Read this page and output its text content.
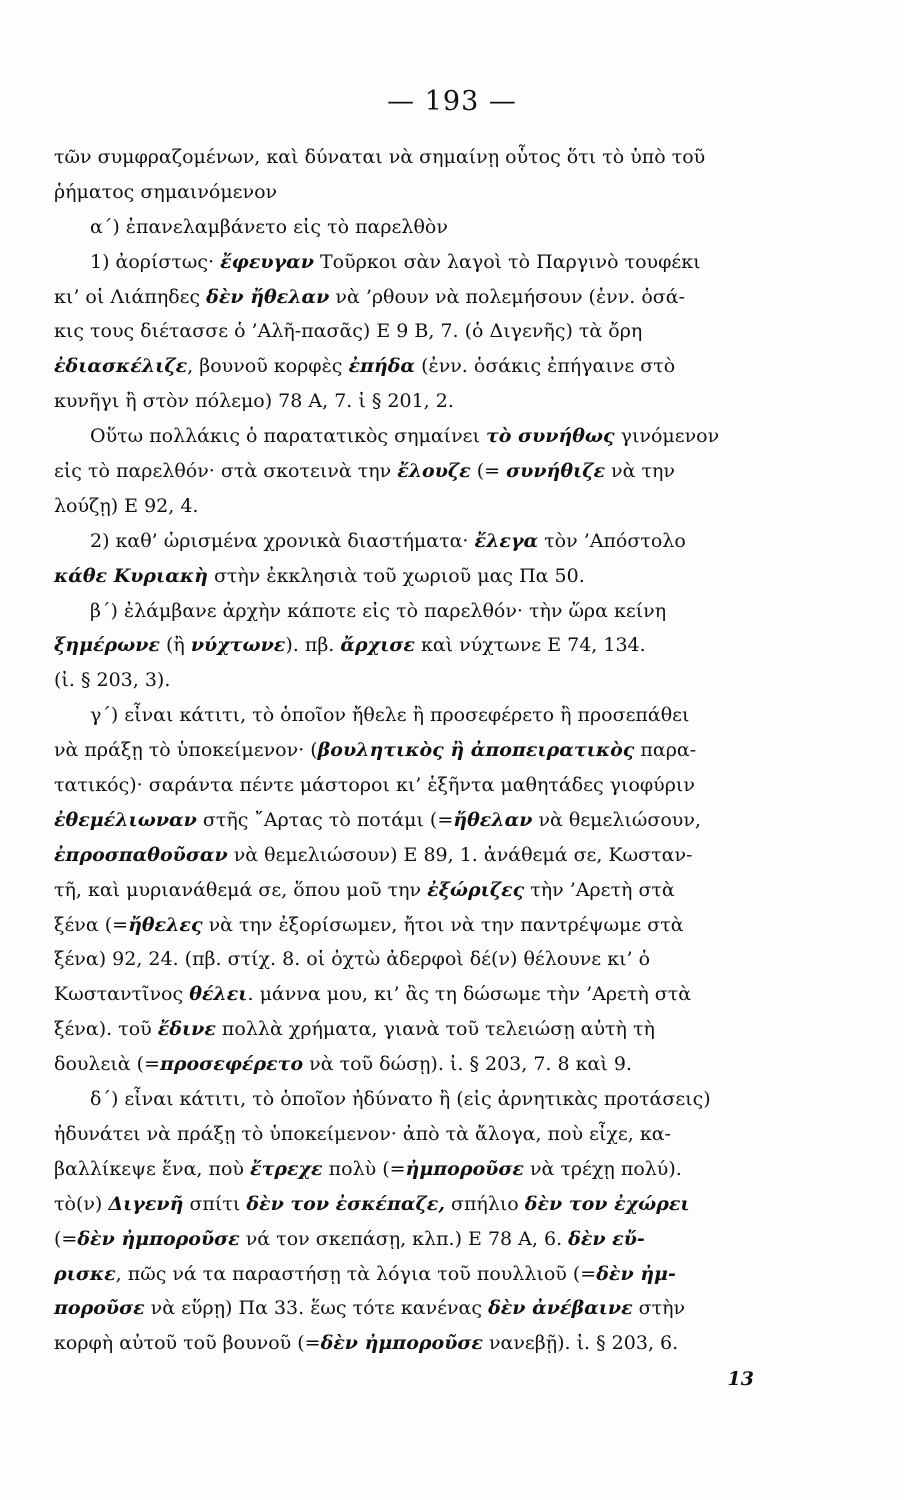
— 193 —
τῶν συμφραζομένων, καὶ δύναται νὰ σημαίνῃ οὗτος ὅτι τὸ ὑπὸ τοῦ
ῥήματος σημαινόμενον
α´) ἐπανελαμβάνετο εἰς τὸ παρελθὸν
1) ἀορίστως· ἔφευγαν Τοῦρκοι σὰν λαγοὶ τὸ Παργινὸ τουφέκι
κι’ οἱ Λιάπηδες δὲν ἤθελαν νὰ ’ρθουν νὰ πολεμήσουν (ἐνν. ὁσά-
κις τους διέτασσε ὁ ’Αλῆ-πασᾶς) Ε 9 Β, 7. (ὁ Διγενῆς) τὰ ὄρη
ἐδιασκέλιζε, βουνοῦ κορφὲς ἐπήδα (ἐνν. ὁσάκις ἐπήγαινε στὸ
κυνῆγι ἢ στὸν πόλεμο) 78 Α, 7. ἰ § 201, 2.
Οὕτω πολλάκις ὁ παρατατικὸς σημαίνει τὸ συνήθως γινόμενον
εἰς τὸ παρελθόν· στὰ σκοτεινὰ την ἔλουζε (= συνήθιζε νὰ την
λούζῃ) Ε 92, 4.
2) καθ’ ὡρισμένα χρονικὰ διαστήματα· ἔλεγα τὸν ’Απόστολο
κάθε Κυριακὴ στὴν ἐκκλησιὰ τοῦ χωριοῦ μας Πα 50.
β´) ἐλάμβανε ἀρχὴν κάποτε εἰς τὸ παρελθόν· τὴν ὥρα κείνη
ξημέρωνε (ἢ νύχτωνε). πβ. ἄρχισε καὶ νύχτωνε Ε 74, 134.
(ἰ. § 203, 3).
γ´) εἶναι κάτιτι, τὸ ὁποῖον ἤθελε ἢ προσεφέρετο ἢ προσεπάθει
νὰ πράξῃ τὸ ὑποκείμενον· (βουλητικὸς ἢ ἀποπειρατικὸς παρα-
τατικός)· σαράντα πέντε μάστοροι κι’ ἑξῆντα μαθητάδες γιοφύριν
ἐθεμέλιωναν στῆς ῎Αρτας τὸ ποτάμι (=ἤθελαν νὰ θεμελιώσουν,
ἐπροσπαθοῦσαν νὰ θεμελιώσουν) Ε 89, 1. ἀνάθεμά σε, Κωσταν-
τῆ, καὶ μυριανάθεμά σε, ὅπου μοῦ την ἐξώριζες τὴν ’Αρετὴ στὰ
ξένα (=ἤθελες νὰ την ἐξορίσωμεν, ἤτοι νὰ την παντρέψωμε στὰ
ξένα) 92, 24. (πβ. στίχ. 8. οἱ ὀχτὼ ἀδερφοὶ δέ(ν) θέλουνε κι’ ὁ
Κωσταντῖνος θέλει. μάννα μου, κι’ ἂς τη δώσωμε τὴν ’Αρετὴ στὰ
ξένα). τοῦ ἔδινε πολλὰ χρήματα, γιανὰ τοῦ τελειώσῃ αὐτὴ τὴ
δουλειὰ (=προσεφέρετο νὰ τοῦ δώσῃ). ἰ. § 203, 7. 8 καὶ 9.
δ´) εἶναι κάτιτι, τὸ ὁποῖον ἠδύνατο ἢ (εἰς ἀρνητικὰς προτάσεις)
ἠδυνάτει νὰ πράξῃ τὸ ὑποκείμενον· ἀπὸ τὰ ἄλογα, ποὺ εἶχε, κα-
βαλλίκεψε ἕνα, ποὺ ἔτρεχε πολὺ (=ἠμποροῦσε νὰ τρέχῃ πολύ).
τὸ(ν) Διγενῆ σπίτι δὲν τον ἐσκέπαζε, σπήλιο δὲν τον ἐχώρει
(=δὲν ἠμποροῦσε νά τον σκεπάσῃ, κλπ.) Ε 78 Α, 6. δὲν εὔ-
ρισκε, πῶς νά τα παραστήσῃ τὰ λόγια τοῦ πουλλιοῦ (=δὲν ἠμ-
ποροῦσε νὰ εὕρῃ) Πα 33. ἕως τότε κανένας δὲν ἀνέβαινε στὴν
κορφὴ αὐτοῦ τοῦ βουνοῦ (=δὲν ἠμποροῦσε νανεβῇ). ἰ. § 203, 6.
13
